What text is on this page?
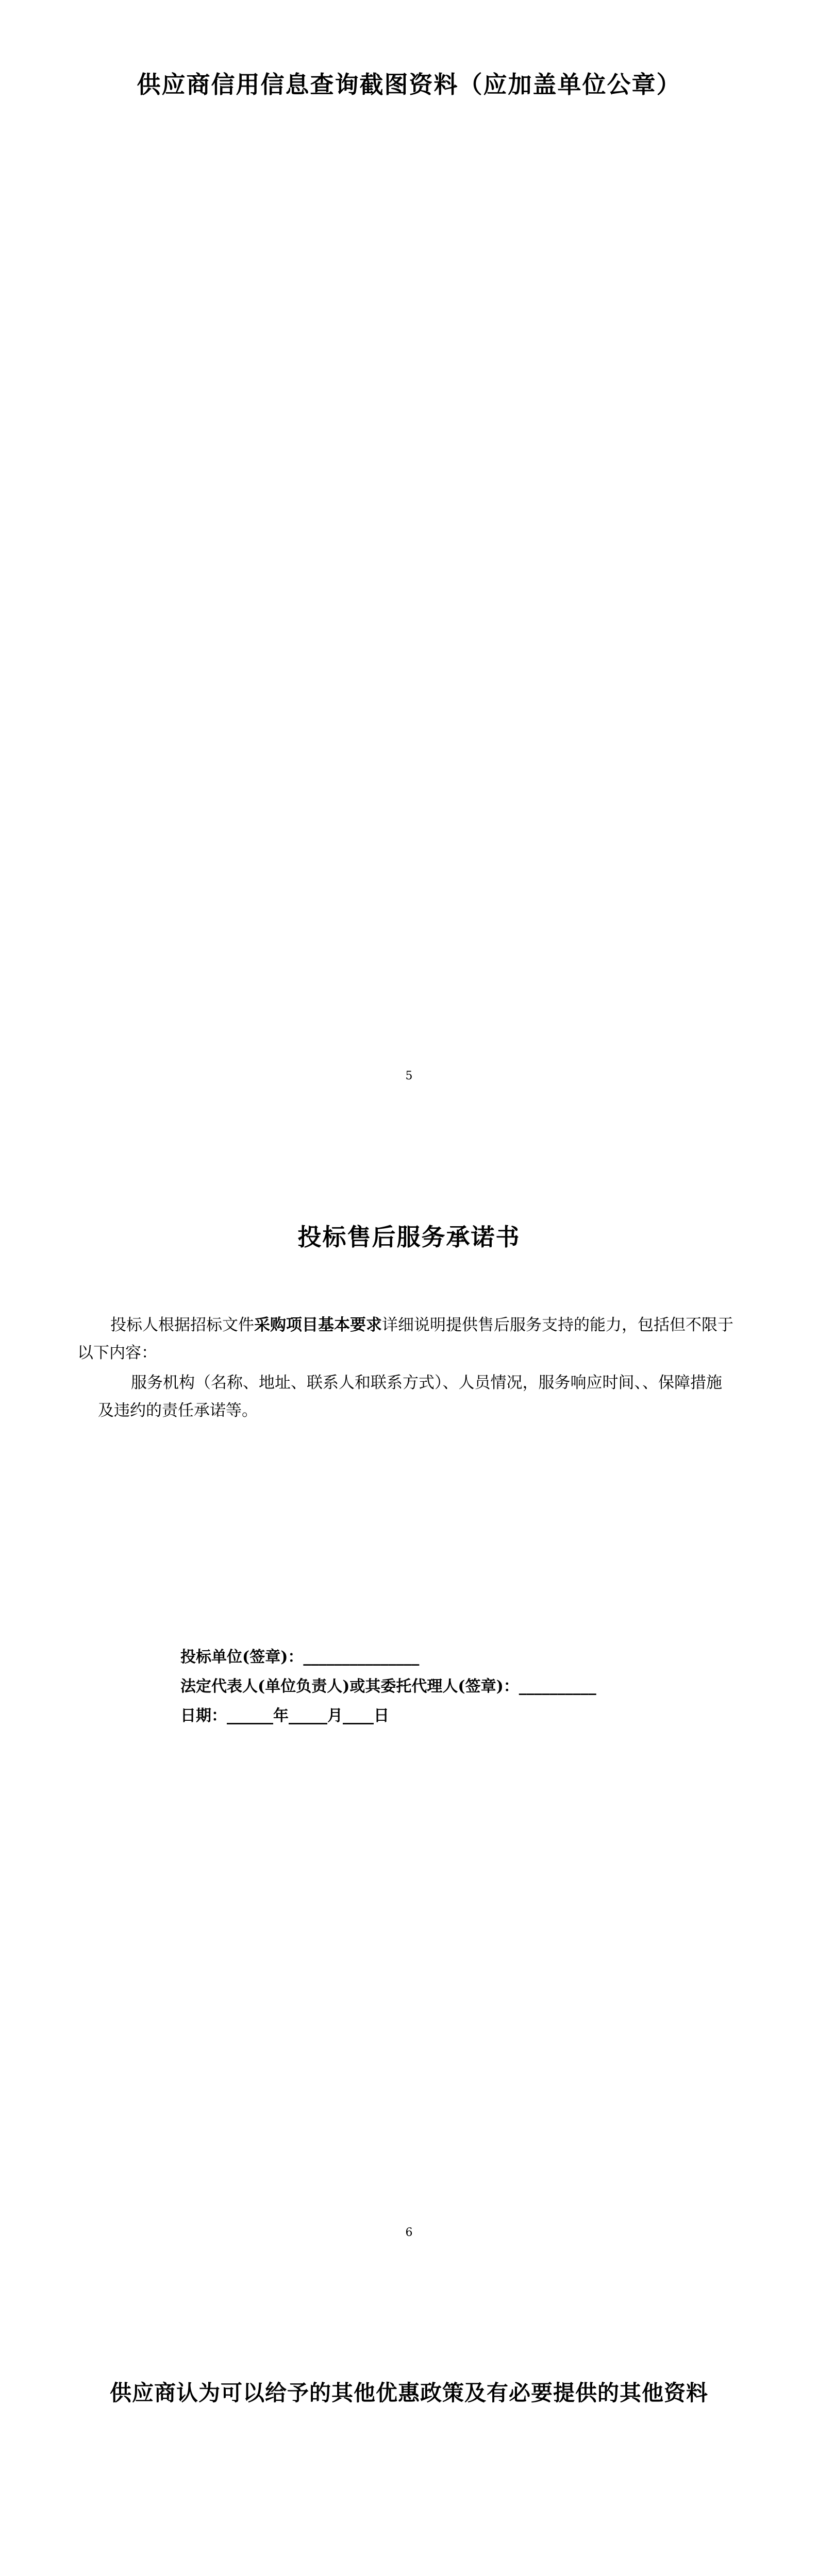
供应商信用信息查询截图资料（应加盖单位公章）
5
投标售后服务承诺书
投标人根据招标文件采购项目基本要求详细说明提供售后服务支持的能力，包括但不限于以下内容：
服务机构（名称、地址、联系人和联系方式）、人员情况，服务响应时间、、保障措施及违约的责任承诺等。
投标单位(签章)：_______________
法定代表人(单位负责人)或其委托代理人(签章)：__________
日期：______年_____月____日
6
供应商认为可以给予的其他优惠政策及有必要提供的其他资料
